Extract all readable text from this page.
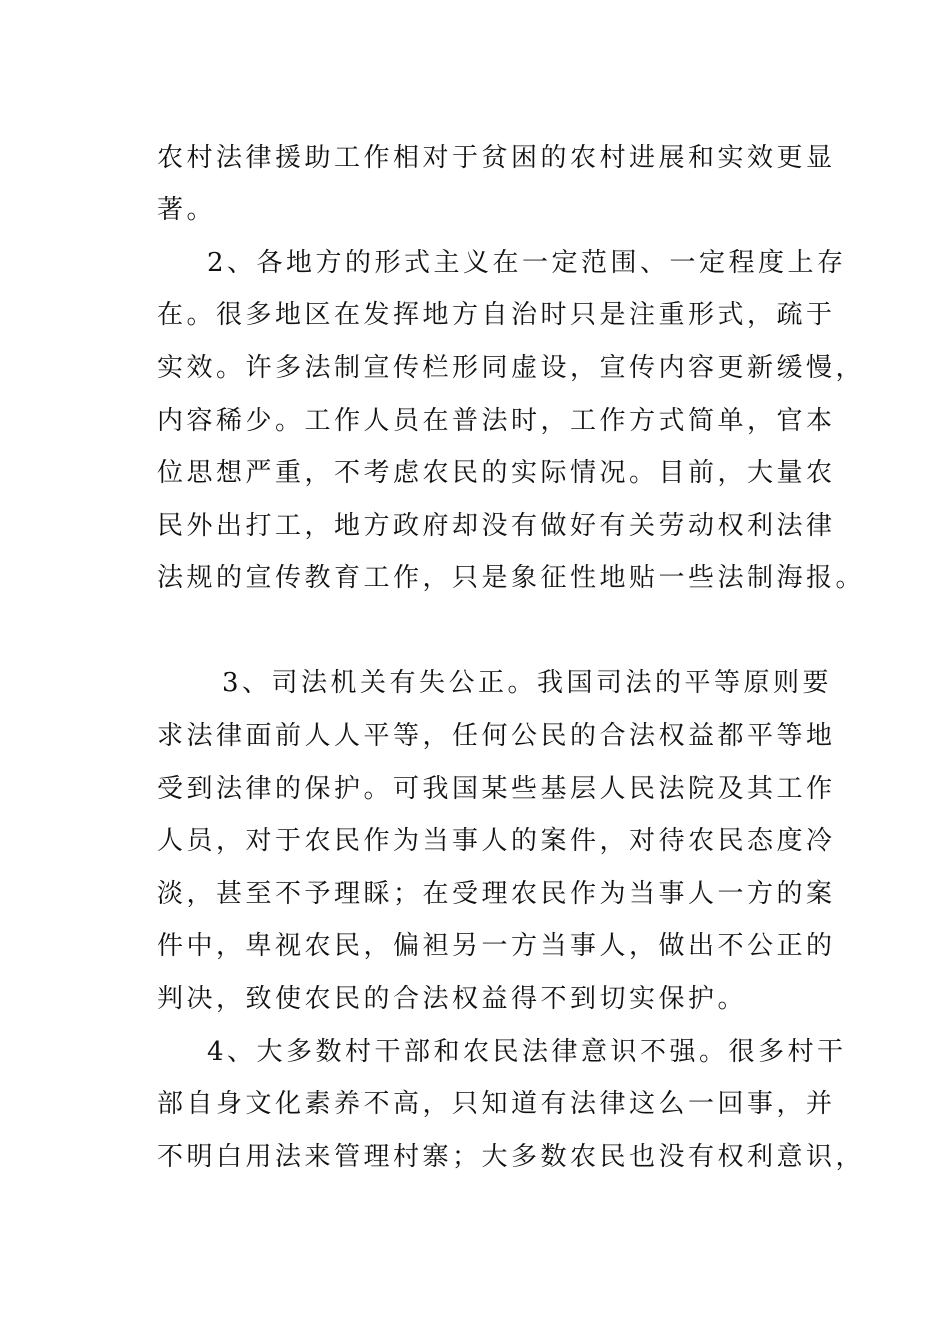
农村法律援助工作相对于贫困的农村进展和实效更显
著。
2、各地方的形式主义在一定范围、一定程度上存
在。很多地区在发挥地方自治时只是注重形式，疏于
实效。许多法制宣传栏形同虚设，宣传内容更新缓慢，
内容稀少。工作人员在普法时，工作方式简单，官本
位思想严重，不考虑农民的实际情况。目前，大量农
民外出打工，地方政府却没有做好有关劳动权利法律
法规的宣传教育工作，只是象征性地贴一些法制海报。
3、司法机关有失公正。我国司法的平等原则要
求法律面前人人平等，任何公民的合法权益都平等地
受到法律的保护。可我国某些基层人民法院及其工作
人员，对于农民作为当事人的案件，对待农民态度冷
淡，甚至不予理睬；在受理农民作为当事人一方的案
件中，卑视农民，偏袒另一方当事人，做出不公正的
判决，致使农民的合法权益得不到切实保护。
4、大多数村干部和农民法律意识不强。很多村干
部自身文化素养不高，只知道有法律这么一回事，并
不明白用法来管理村寨；大多数农民也没有权利意识，
